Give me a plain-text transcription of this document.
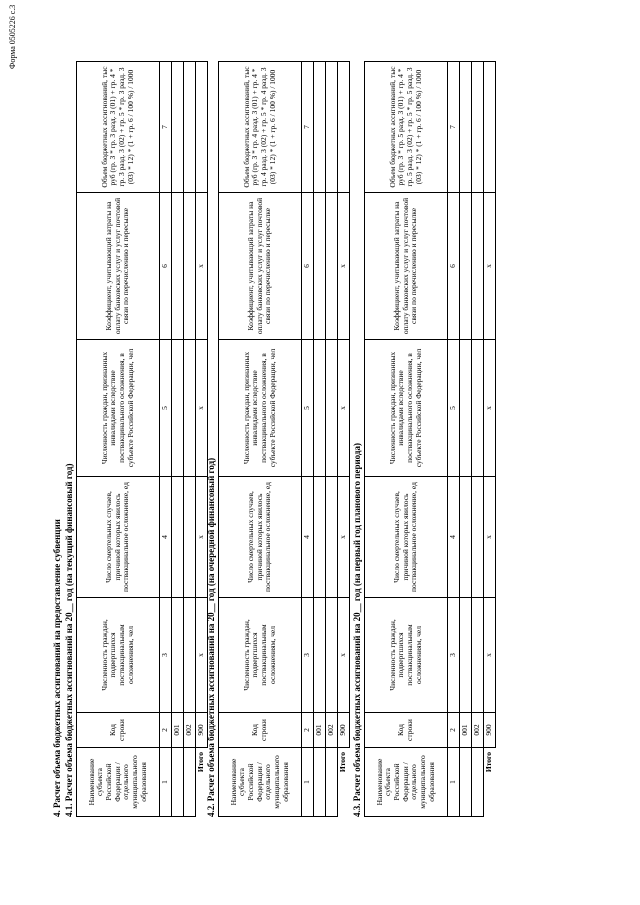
Форма 0505226 с.3
4. Расчет объема бюджетных ассигнований на предоставление субвенции 4.1. Расчет объема бюджетных ассигнований на 20__ год (на текущий финансовый год) Наименование субъекта Российской Федерации / отдельного муниципального образования	Код строки	Численность граждан, подвергшихся поствакцинальным осложнениям, чел	Число смертельных случаев, причиной которых явилось поствакцинальное осложнение, ед	Численность граждан, признанных инвалидами вследствие поствакцинального осложнения, в субъекте Российской Федерации, чел	Коэффициент, учитывающий затраты на оплату банковских услуг и услуг почтовой связи по перечислению и пересылке	Объем бюджетных ассигнований, тыс руб (гр. 3 * гр. 3 разд. 3 (01) + гр. 4 * гр. 3 разд. 3 (02) + гр. 5 * гр. 3 разд. 3 (03) * 12) * (1 + гр. 6 / 100 %) / 1000
1	2	3	4	5	6	7
	001					
	002					
Итого	900	x	x	x	x	
4.2. Расчет объема бюджетных ассигнований на 20__ год (на очередной финансовый год) Наименование субъекта Российской Федерации / отдельного муниципального образования	Код строки	Численность граждан, подвергшихся поствакцинальным осложнениям, чел	Число смертельных случаев, причиной которых явилось поствакцинальное осложнение, ед	Численность граждан, признанных инвалидами вследствие поствакцинального осложнения, в субъекте Российской Федерации, чел	Коэффициент, учитывающий затраты на оплату банковских услуг и услуг почтовой связи по перечислению и пересылке	Объем бюджетных ассигнований, тыс руб (гр. 3 * гр. 4 разд. 3 (01) + гр. 4 * гр. 4 разд. 3 (02) + гр. 5 * гр. 4 разд. 3 (03) * 12) * (1 + гр. 6 / 100 %) / 1000
1	2	3	4	5	6	7
	001					
	002					
Итого	900	x	x	x	x	
4.3. Расчет объема бюджетных ассигнований на 20__ год (на первый год планового периода) Наименование субъекта Российской Федерации / отдельного муниципального образования	Код строки	Численность граждан, подвергшихся поствакцинальным осложнениям, чел	Число смертельных случаев, причиной которых явилось поствакцинальное осложнение, ед	Численность граждан, признанных инвалидами вследствие поствакцинального осложнения, в субъекте Российской Федерации, чел	Коэффициент, учитывающий затраты на оплату банковских услуг и услуг почтовой связи по перечислению и пересылке	Объем бюджетных ассигнований, тыс руб (гр. 3 * гр. 5 разд. 3 (01) + гр. 4 * гр. 5 разд. 3 (02) + гр. 5 * гр. 5 разд. 3 (03) * 12) * (1 + гр. 6 / 100 %) / 1000
1	2	3	4	5	6	7
	001					
	002					
Итого	900	x	x	x	x	
